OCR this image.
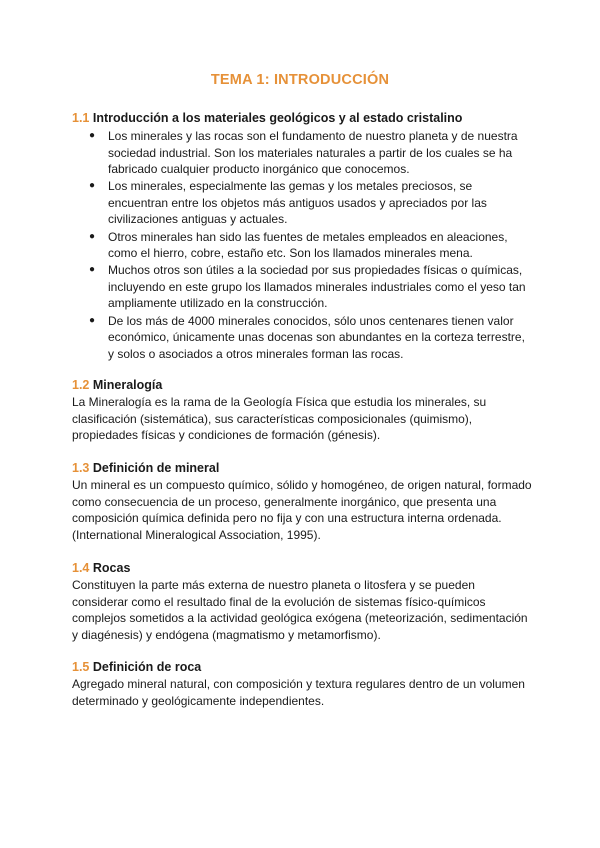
TEMA 1: INTRODUCCIÓN
1.1 Introducción a los materiales geológicos y al estado cristalino
● Los minerales y las rocas son el fundamento de nuestro planeta y de nuestra sociedad industrial. Son los materiales naturales a partir de los cuales se ha fabricado cualquier producto inorgánico que conocemos.
● Los minerales, especialmente las gemas y los metales preciosos, se encuentran entre los objetos más antiguos usados y apreciados por las civilizaciones antiguas y actuales.
● Otros minerales han sido las fuentes de metales empleados en aleaciones, como el hierro, cobre, estaño etc. Son los llamados minerales mena.
● Muchos otros son útiles a la sociedad por sus propiedades físicas o químicas, incluyendo en este grupo los llamados minerales industriales como el yeso tan ampliamente utilizado en la construcción.
● De los más de 4000 minerales conocidos, sólo unos centenares tienen valor económico, únicamente unas docenas son abundantes en la corteza terrestre, y solos o asociados a otros minerales forman las rocas.
1.2 Mineralogía

La Mineralogía es la rama de la Geología Física que estudia los minerales, su clasificación (sistemática), sus características composicionales (quimismo), propiedades físicas y condiciones de formación (génesis).

1.3 Definición de mineral

Un mineral es un compuesto químico, sólido y homogéneo, de origen natural, formado como consecuencia de un proceso, generalmente inorgánico, que presenta una composición química definida pero no fija y con una estructura interna ordenada. (International Mineralogical Association, 1995).

1.4 Rocas

Constituyen la parte más externa de nuestro planeta o litosfera y se pueden considerar como el resultado final de la evolución de sistemas físico-químicos complejos sometidos a la actividad geológica exógena (meteorización, sedimentación y diagénesis) y endógena (magmatismo y metamorfismo).

1.5 Definición de roca

Agregado mineral natural, con composición y textura regulares dentro de un volumen determinado y geológicamente independientes.
